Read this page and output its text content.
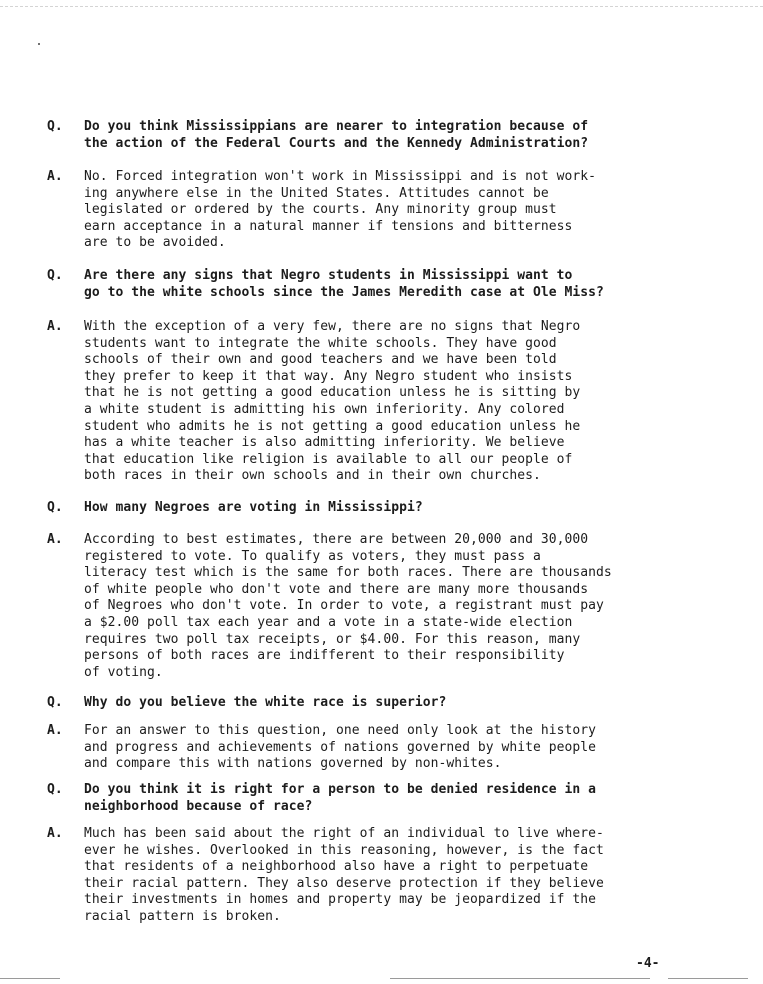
Q. Do you think Mississippians are nearer to integration because of
the action of the Federal Courts and the Kennedy Administration?
A. No. Forced integration won't work in Mississippi and is not work-
ing anywhere else in the United States. Attitudes cannot be
legislated or ordered by the courts. Any minority group must
earn acceptance in a natural manner if tensions and bitterness
are to be avoided.
Q. Are there any signs that Negro students in Mississippi want to
go to the white schools since the James Meredith case at Ole Miss?
A. With the exception of a very few, there are no signs that Negro
students want to integrate the white schools. They have good
schools of their own and good teachers and we have been told
they prefer to keep it that way. Any Negro student who insists
that he is not getting a good education unless he is sitting by
a white student is admitting his own inferiority. Any colored
student who admits he is not getting a good education unless he
has a white teacher is also admitting inferiority. We believe
that education like religion is available to all our people of
both races in their own schools and in their own churches.
Q. How many Negroes are voting in Mississippi?
A. According to best estimates, there are between 20,000 and 30,000
registered to vote. To qualify as voters, they must pass a
literacy test which is the same for both races. There are thousands
of white people who don't vote and there are many more thousands
of Negroes who don't vote. In order to vote, a registrant must pay
a $2.00 poll tax each year and a vote in a state-wide election
requires two poll tax receipts, or $4.00. For this reason, many
persons of both races are indifferent to their responsibility
of voting.
Q. Why do you believe the white race is superior?
A. For an answer to this question, one need only look at the history
and progress and achievements of nations governed by white people
and compare this with nations governed by non-whites.
Q. Do you think it is right for a person to be denied residence in a
neighborhood because of race?
A. Much has been said about the right of an individual to live where-
ever he wishes. Overlooked in this reasoning, however, is the fact
that residents of a neighborhood also have a right to perpetuate
their racial pattern. They also deserve protection if they believe
their investments in homes and property may be jeopardized if the
racial pattern is broken.
-4-
